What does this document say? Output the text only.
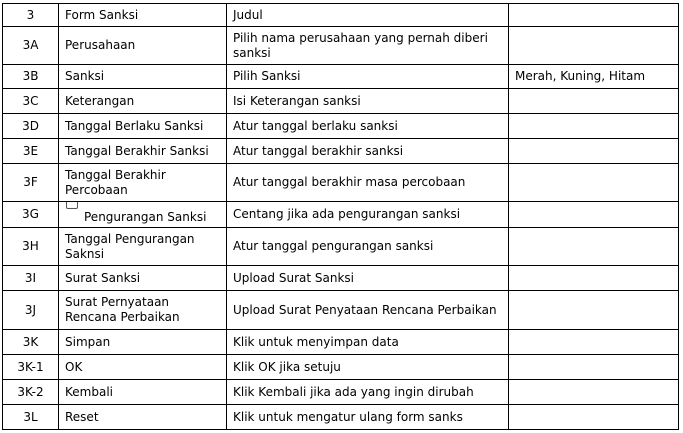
3	Form Sanksi	Judul	
3A	Perusahaan	Pilih nama perusahaan yang pernah diberi sanksi	
3B	Sanksi	Pilih Sanksi	Merah, Kuning, Hitam
3C	Keterangan	Isi Keterangan sanksi	
3D	Tanggal Berlaku Sanksi	Atur tanggal berlaku sanksi	
3E	Tanggal Berakhir Sanksi	Atur tanggal berakhir sanksi	
3F	Tanggal Berakhir Percobaan	Atur tanggal berakhir masa percobaan	
3G	Pengurangan Sanksi	Centang jika ada pengurangan sanksi	
3H	Tanggal Pengurangan Saknsi	Atur tanggal pengurangan sanksi	
3I	Surat Sanksi	Upload Surat Sanksi	
3J	Surat Pernyataan Rencana Perbaikan	Upload Surat Penyataan Rencana Perbaikan	
3K	Simpan	Klik untuk menyimpan data	
3K-1	OK	Klik OK jika setuju	
3K-2	Kembali	Klik Kembali jika ada yang ingin dirubah	
3L	Reset	Klik untuk mengatur ulang form sanks	
